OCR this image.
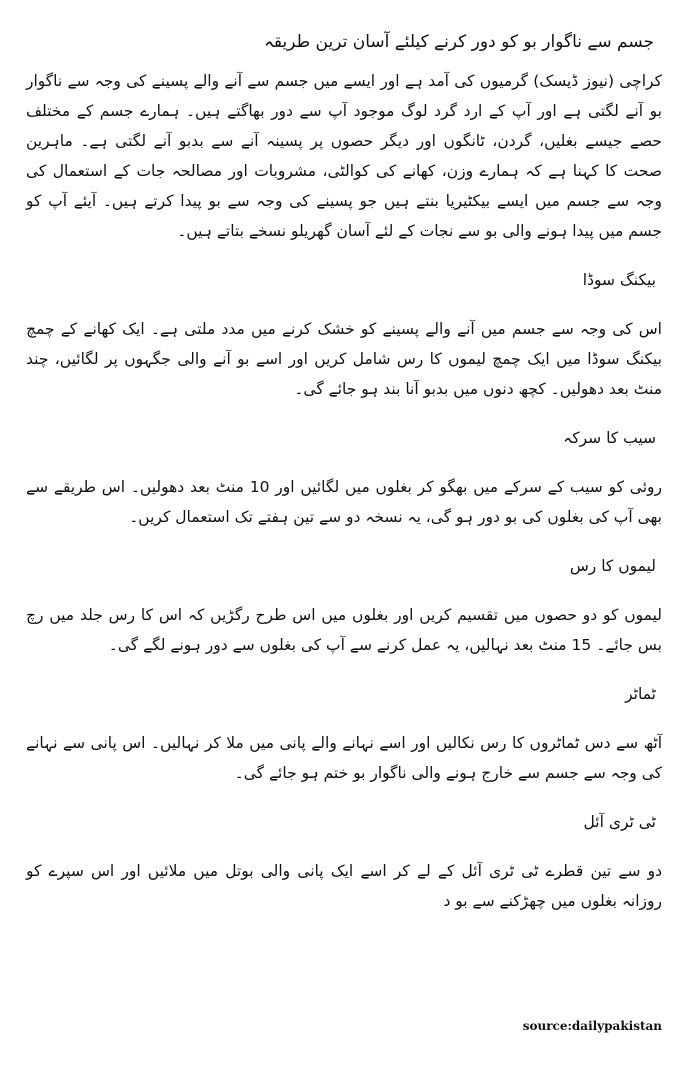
جسم سے ناگوار بو کو دور کرنے کیلئے آسان ترین طریقہ
کراچی (نیوز ڈیسک) گرمیوں کی آمد ہے اور ایسے میں جسم سے آنے والے پسینے کی وجہ سے ناگوار بو آنے لگتی ہے اور آپ کے ارد گرد لوگ موجود آپ سے دور بھاگتے ہیں۔ ہمارے جسم کے مختلف حصے جیسے بغلیں، گردن، ٹانگوں اور دیگر حصوں پر پسینہ آنے سے بدبو آنے لگتی ہے۔ ماہرین صحت کا کہنا ہے کہ ہمارے وزن، کھانے کی کوالٹی، مشروبات اور مصالحہ جات کے استعمال کی وجہ سے جسم میں ایسے بیکٹیریا بنتے ہیں جو پسینے کی وجہ سے بو پیدا کرتے ہیں۔ آیئے آپ کو جسم میں پیدا ہونے والی بو سے نجات کے لئے آسان گھریلو نسخے بتاتے ہیں۔
بیکنگ سوڈا
اس کی وجہ سے جسم میں آنے والے پسینے کو خشک کرنے میں مدد ملتی ہے۔ ایک کھانے کے چمچ بیکنگ سوڈا میں ایک چمچ لیموں کا رس شامل کریں اور اسے بو آنے والی جگہوں پر لگائیں، چند منٹ بعد دھولیں۔ کچھ دنوں میں بدبو آنا بند ہو جائے گی۔
سیب کا سرکہ
روئی کو سیب کے سرکے میں بھگو کر بغلوں میں لگائیں اور 10 منٹ بعد دھولیں۔ اس طریقے سے بھی آپ کی بغلوں کی بو دور ہو گی، یہ نسخہ دو سے تین ہفتے تک استعمال کریں۔
لیموں کا رس
لیموں کو دو حصوں میں تقسیم کریں اور بغلوں میں اس طرح رگڑیں کہ اس کا رس جلد میں رچ بس جائے۔ 15 منٹ بعد نہالیں، یہ عمل کرنے سے آپ کی بغلوں سے دور ہونے لگے گی۔
ٹماٹر
آٹھ سے دس ٹماٹروں کا رس نکالیں اور اسے نہانے والے پانی میں ملا کر نہالیں۔ اس پانی سے نہانے کی وجہ سے جسم سے خارج ہونے والی ناگوار بو ختم ہو جائے گی۔
ٹی ٹری آئل
دو سے تین قطرے ٹی ٹری آئل کے لے کر اسے ایک پانی والی بوتل میں ملائیں اور اس سپرے کو روزانہ بغلوں میں چھڑکنے سے بو د
source:dailypakistan
